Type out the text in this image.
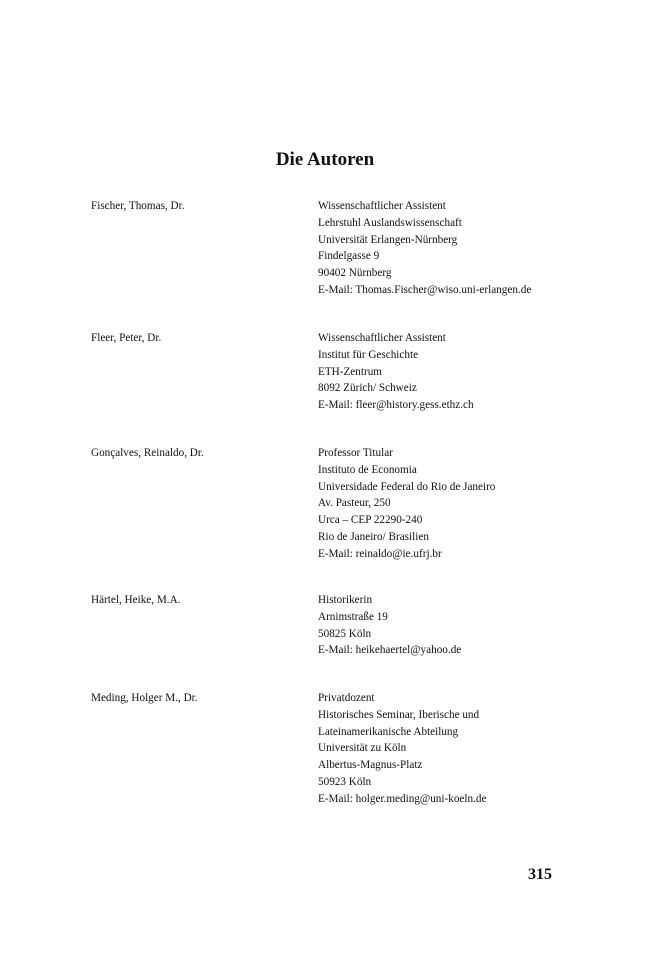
Die Autoren
Fischer, Thomas, Dr.	Wissenschaftlicher Assistent
Lehrstuhl Auslandswissenschaft
Universität Erlangen-Nürnberg
Findelgasse 9
90402 Nürnberg
E-Mail: Thomas.Fischer@wiso.uni-erlangen.de
Fleer, Peter, Dr.	Wissenschaftlicher Assistent
Institut für Geschichte
ETH-Zentrum
8092 Zürich/ Schweiz
E-Mail: fleer@history.gess.ethz.ch
Gonçalves, Reinaldo, Dr.	Professor Titular
Instituto de Economia
Universidade Federal do Rio de Janeiro
Av. Pasteur, 250
Urca – CEP 22290-240
Rio de Janeiro/ Brasilien
E-Mail: reinaldo@ie.ufrj.br
Härtel, Heike, M.A.	Historikerin
Arnimstraße 19
50825 Köln
E-Mail: heikehaertel@yahoo.de
Meding, Holger M., Dr.	Privatdozent
Historisches Seminar, Iberische und
Lateinamerikanische Abteilung
Universität zu Köln
Albertus-Magnus-Platz
50923 Köln
E-Mail: holger.meding@uni-koeln.de
315
